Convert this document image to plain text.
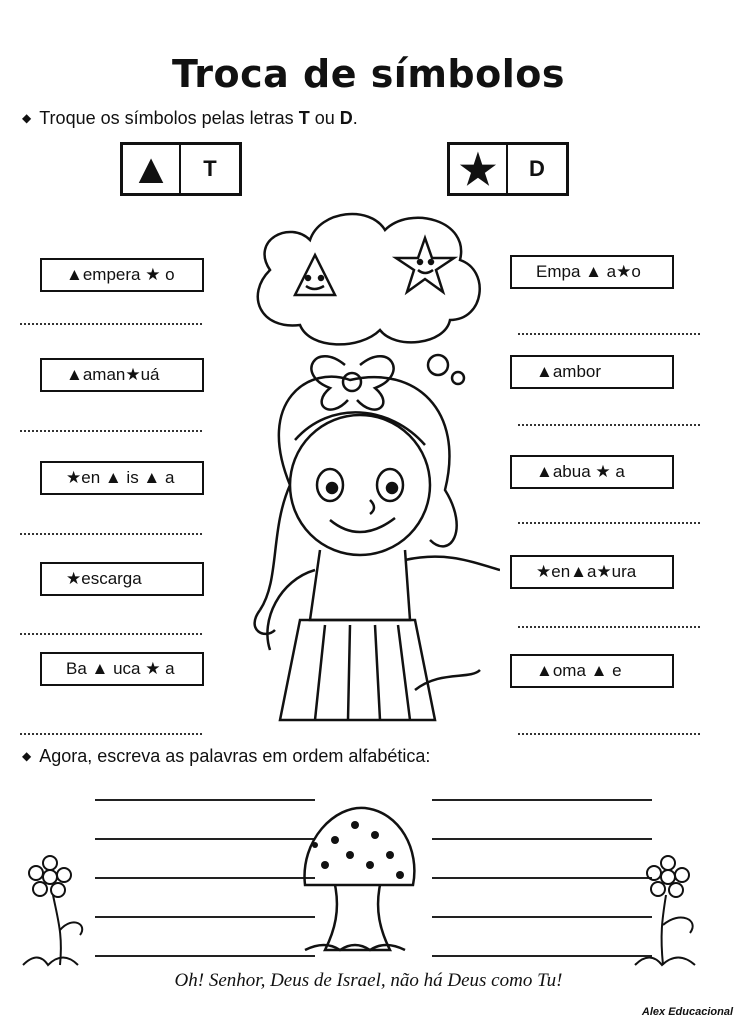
Troca de símbolos
◆ Troque os símbolos pelas letras T ou D.
▲	T	★	D
▲empera ★ o
▲aman★uá
★en ▲ is ▲ a
★escarga
Ba ▲ uca ★ a
Empa ▲ a★o
▲ambor
▲abua ★ a
★en▲a★ura
▲oma ▲ e
◆ Agora, escreva as palavras em ordem alfabética:
Oh! Senhor, Deus de Israel, não há Deus como Tu!
Alex Educacional
